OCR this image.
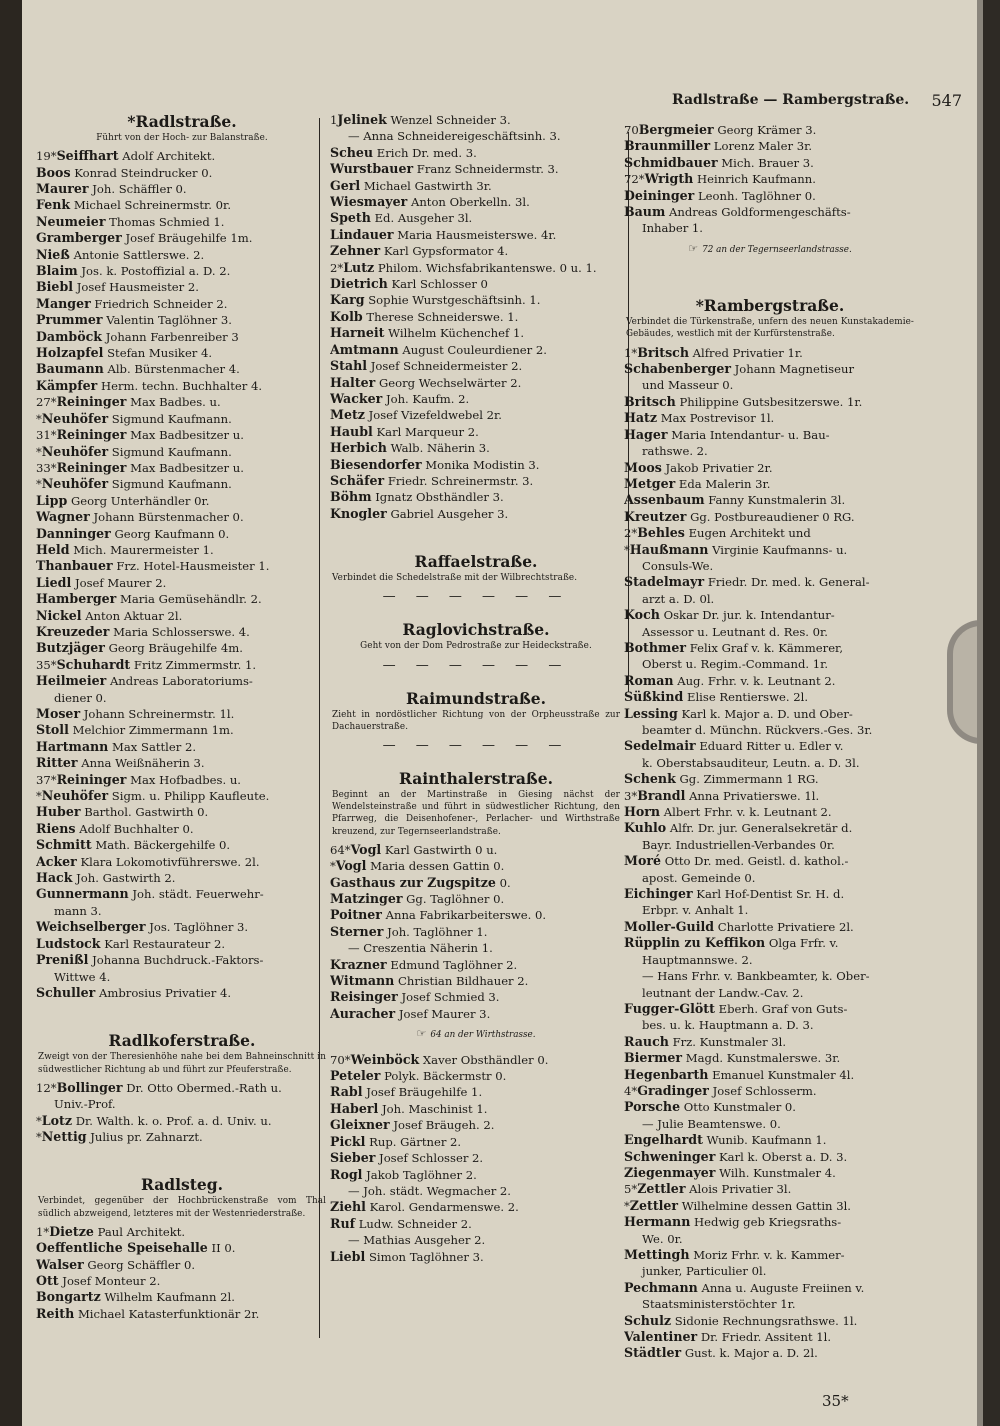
Radlstraße — Rambergstraße. 547
*Radlstraße.
Führt von der Hoch- zur Balanstraße.
19*Seiffhart Adolf Architekt.
Boos Konrad Steindrucker 0.
Maurer Joh. Schäffler 0.
Fenk Michael Schreinermstr. 0r.
Neumeier Thomas Schmied 1.
Gramberger Josef Bräugehilfe 1m.
Nieß Antonie Sattlerswe. 2.
Blaim Jos. k. Postoffizial a. D. 2.
Biebl Josef Hausmeister 2.
Manger Friedrich Schneider 2.
Prummer Valentin Taglöhner 3.
Damböck Johann Farbenreiber 3
Holzapfel Stefan Musiker 4.
Baumann Alb. Bürstenmacher 4.
Kämpfer Herm. techn. Buchhalter 4.
27*Reininger Max Badbes. u.
*Neuhöfer Sigmund Kaufmann.
31*Reininger Max Badbesitzer u.
*Neuhöfer Sigmund Kaufmann.
33*Reininger Max Badbesitzer u.
*Neuhöfer Sigmund Kaufmann.
Lipp Georg Unterhändler 0r.
Wagner Johann Bürstenmacher 0.
Danninger Georg Kaufmann 0.
Held Mich. Maurermeister 1.
Thanbauer Frz. Hotel-Hausmeister 1.
Liedl Josef Maurer 2.
Hamberger Maria Gemüsehändlr. 2.
Nickel Anton Aktuar 2l.
Kreuzeder Maria Schlosserswe. 4.
Butzjäger Georg Bräugehilfe 4m.
35*Schuhardt Fritz Zimmermstr. 1.
Heilmeier Andreas Laboratoriums-
diener 0.
Moser Johann Schreinermstr. 1l.
Stoll Melchior Zimmermann 1m.
Hartmann Max Sattler 2.
Ritter Anna Weißnäherin 3.
37*Reininger Max Hofbadbes. u.
*Neuhöfer Sigm. u. Philipp Kaufleute.
Huber Barthol. Gastwirth 0.
Riens Adolf Buchhalter 0.
Schmitt Math. Bäckergehilfe 0.
Acker Klara Lokomotivführerswe. 2l.
Hack Joh. Gastwirth 2.
Gunnermann Joh. städt. Feuerwehr-
mann 3.
Weichselberger Jos. Taglöhner 3.
Ludstock Karl Restaurateur 2.
Prenißl Johanna Buchdruck.-Faktors-
Wittwe 4.
Schuller Ambrosius Privatier 4.
Radlkoferstraße.
Zweigt von der Theresienhöhe nahe bei dem Bahneinschnitt in südwestlicher Richtung ab und führt zur Pfeuferstraße.
12*Bollinger Dr. Otto Obermed.-Rath u.
Univ.-Prof.
*Lotz Dr. Walth. k. o. Prof. a. d. Univ. u.
*Nettig Julius pr. Zahnarzt.
Radlsteg.
Verbindet, gegenüber der Hochbrückenstraße vom Thal südlich abzweigend, letzteres mit der Westenriederstraße.
1*Dietze Paul Architekt.
Oeffentliche Speisehalle II 0.
Walser Georg Schäffler 0.
Ott Josef Monteur 2.
Bongartz Wilhelm Kaufmann 2l.
Reith Michael Katasterfunktionär 2r.
1Jelinek Wenzel Schneider 3.
— Anna Schneidereigeschäftsinh. 3.
Scheu Erich Dr. med. 3.
Wurstbauer Franz Schneidermstr. 3.
Gerl Michael Gastwirth 3r.
Wiesmayer Anton Oberkelln. 3l.
Speth Ed. Ausgeher 3l.
Lindauer Maria Hausmeisterswe. 4r.
Zehner Karl Gypsformator 4.
2*Lutz Philom. Wichsfabrikantenswe. 0 u. 1.
Dietrich Karl Schlosser 0
Karg Sophie Wurstgeschäftsinh. 1.
Kolb Therese Schneiderswe. 1.
Harneit Wilhelm Küchenchef 1.
Amtmann August Couleurdiener 2.
Stahl Josef Schneidermeister 2.
Halter Georg Wechselwärter 2.
Wacker Joh. Kaufm. 2.
Metz Josef Vizefeldwebel 2r.
Haubl Karl Marqueur 2.
Herbich Walb. Näherin 3.
Biesendorfer Monika Modistin 3.
Schäfer Friedr. Schreinermstr. 3.
Böhm Ignatz Obsthändler 3.
Knogler Gabriel Ausgeher 3.
Raffaelstraße.
Verbindet die Schedelstraße mit der Wilbrechtstraße.
— — — — — —
Raglovichstraße.
Geht von der Dom Pedrostraße zur Heideckstraße.
— — — — — —
Raimundstraße.
Zieht in nordöstlicher Richtung von der Orpheusstraße zur Dachauerstraße.
— — — — — —
Rainthalerstraße.
Beginnt an der Martinstraße in Giesing nächst der Wendelsteinstraße und führt in südwestlicher Richtung, den Pfarrweg, die Deisenhofener-, Perlacher- und Wirthstraße kreuzend, zur Tegernseerlandstraße.
64*Vogl Karl Gastwirth 0 u.
*Vogl Maria dessen Gattin 0.
Gasthaus zur Zugspitze 0.
Matzinger Gg. Taglöhner 0.
Poitner Anna Fabrikarbeiterswe. 0.
Sterner Joh. Taglöhner 1.
— Creszentia Näherin 1.
Krazner Edmund Taglöhner 2.
Witmann Christian Bildhauer 2.
Reisinger Josef Schmied 3.
Auracher Josef Maurer 3.
☞ 64 an der Wirthstrasse.
70*Weinböck Xaver Obsthändler 0.
Peteler Polyk. Bäckermstr 0.
Rabl Josef Bräugehilfe 1.
Haberl Joh. Maschinist 1.
Gleixner Josef Bräugeh. 2.
Pickl Rup. Gärtner 2.
Sieber Josef Schlosser 2.
Rogl Jakob Taglöhner 2.
— Joh. städt. Wegmacher 2.
Ziehl Karol. Gendarmenswe. 2.
Ruf Ludw. Schneider 2.
— Mathias Ausgeher 2.
Liebl Simon Taglöhner 3.
70Bergmeier Georg Krämer 3.
Braunmiller Lorenz Maler 3r.
Schmidbauer Mich. Brauer 3.
72*Wrigth Heinrich Kaufmann.
Deininger Leonh. Taglöhner 0.
Baum Andreas Goldformengeschäfts-
Inhaber 1.
☞ 72 an der Tegernseerlandstrasse.
*Rambergstraße.
Verbindet die Türkenstraße, unfern des neuen Kunstakademie-Gebäudes, westlich mit der Kurfürstenstraße.
1*Britsch Alfred Privatier 1r.
Schabenberger Johann Magnetiseur
und Masseur 0.
Britsch Philippine Gutsbesitzerswe. 1r.
Hatz Max Postrevisor 1l.
Hager Maria Intendantur- u. Bau-
rathswe. 2.
Moos Jakob Privatier 2r.
Metger Eda Malerin 3r.
Assenbaum Fanny Kunstmalerin 3l.
Kreutzer Gg. Postbureaudiener 0 RG.
2*Behles Eugen Architekt und
*Haußmann Virginie Kaufmanns- u.
Consuls-We.
Stadelmayr Friedr. Dr. med. k. General-
arzt a. D. 0l.
Koch Oskar Dr. jur. k. Intendantur-
Assessor u. Leutnant d. Res. 0r.
Bothmer Felix Graf v. k. Kämmerer,
Oberst u. Regim.-Command. 1r.
Roman Aug. Frhr. v. k. Leutnant 2.
Süßkind Elise Rentierswe. 2l.
Lessing Karl k. Major a. D. und Ober-
beamter d. Münchn. Rückvers.-Ges. 3r.
Sedelmair Eduard Ritter u. Edler v.
k. Oberstabsauditeur, Leutn. a. D. 3l.
Schenk Gg. Zimmermann 1 RG.
3*Brandl Anna Privatierswe. 1l.
Horn Albert Frhr. v. k. Leutnant 2.
Kuhlo Alfr. Dr. jur. Generalsekretär d.
Bayr. Industriellen-Verbandes 0r.
Moré Otto Dr. med. Geistl. d. kathol.-
apost. Gemeinde 0.
Eichinger Karl Hof-Dentist Sr. H. d.
Erbpr. v. Anhalt 1.
Moller-Guild Charlotte Privatiere 2l.
Rüpplin zu Keffikon Olga Frfr. v.
Hauptmannswe. 2.
— Hans Frhr. v. Bankbeamter, k. Ober-
leutnant der Landw.-Cav. 2.
Fugger-Glött Eberh. Graf von Guts-
bes. u. k. Hauptmann a. D. 3.
Rauch Frz. Kunstmaler 3l.
Biermer Magd. Kunstmalerswe. 3r.
Hegenbarth Emanuel Kunstmaler 4l.
4*Gradinger Josef Schlosserm.
Porsche Otto Kunstmaler 0.
— Julie Beamtenswe. 0.
Engelhardt Wunib. Kaufmann 1.
Schweninger Karl k. Oberst a. D. 3.
Ziegenmayer Wilh. Kunstmaler 4.
5*Zettler Alois Privatier 3l.
*Zettler Wilhelmine dessen Gattin 3l.
Hermann Hedwig geb Kriegsraths-
We. 0r.
Mettingh Moriz Frhr. v. k. Kammer-
junker, Particulier 0l.
Pechmann Anna u. Auguste Freiinen v.
Staatsministerstöchter 1r.
Schulz Sidonie Rechnungsrathswe. 1l.
Valentiner Dr. Friedr. Assitent 1l.
Städtler Gust. k. Major a. D. 2l.
35*
